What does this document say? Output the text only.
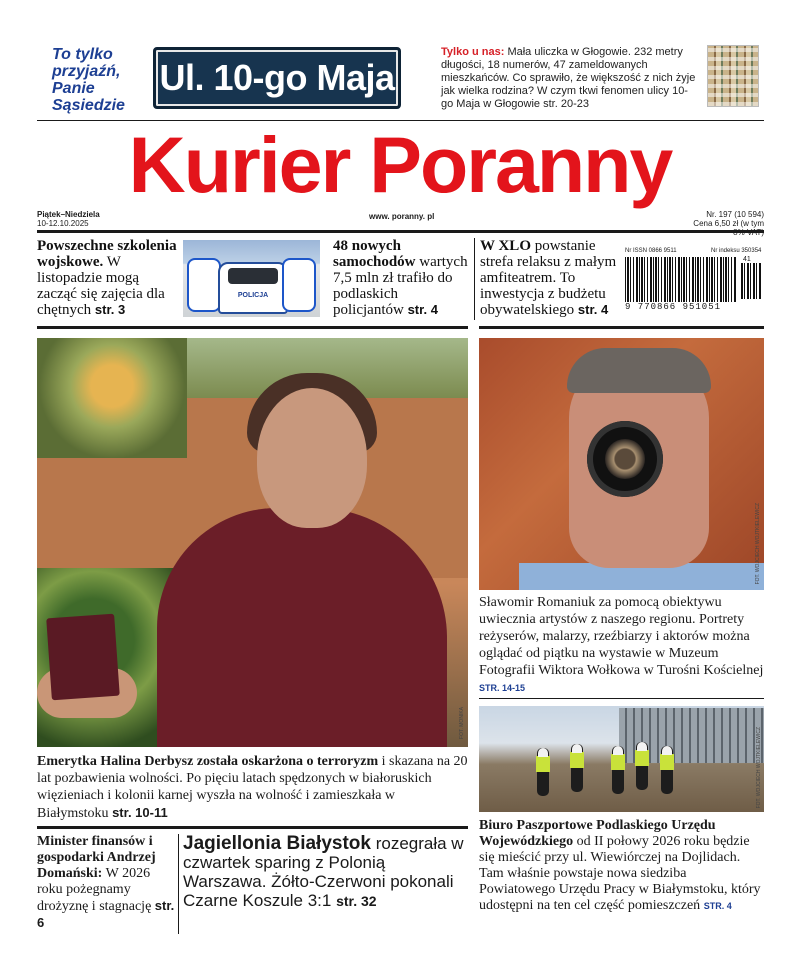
To tylko
przyjaźń,
Panie
Sąsiedzie
Ul. 10-go Maja
Tylko u nas: Mała uliczka w Głogowie. 232 metry długości, 18 numerów, 47 zameldowanych mieszkańców. Co sprawiło, że większość z nich żyje jak wielka rodzina? W czym tkwi fenomen ulicy 10-go Maja w Głogowie str. 20-23
Kurier Poranny
Piątek–Niedziela
10-12.10.2025
www. poranny. pl	Nr. 197 (10 594)
Cena 6,50 zł (w tym
Powszechne szkolenia wojskowe. W listopadzie mogą zacząć się zajęcia dla chętnych str. 3
POLICJA
48 nowych samochodów wartych 7,5 mln zł trafiło do podlaskich policjantów str. 4
W XLO powstanie strefa relaksu z małym amfiteatrem. To inwestycja z budżetu obywatelskiego str. 4
Nr ISSN 0866 9511	Nr indeksu 350354
9 770866 951051
41
FOT. MONIKA
FOT. WOJCIECH WOJTKIELEWICZ
Sławomir Romaniuk za pomocą obiektywu uwiecznia artystów z naszego regionu. Portrety reżyserów, malarzy, rzeźbiarzy i aktorów można oglądać od piątku na wystawie w Muzeum Fotografii Wiktora Wołkowa w Turośni Kościelnej STR. 14-15
FOT. WOJCIECH WOJTKIELEWICZ
Emerytka Halina Derbysz została oskarżona o terroryzm i skazana na 20 lat pozbawienia wolności. Po pięciu latach spędzonych w białoruskich więzieniach i kolonii karnej wyszła na wolność i zamieszkała w Białymstoku str. 10-11
Biuro Paszportowe Podlaskiego Urzędu Wojewódzkiego od II połowy 2026 roku będzie się mieścić przy ul. Wiewiórczej na Dojlidach. Tam właśnie powstaje nowa siedziba Powiatowego Urzędu Pracy w Białymstoku, który udostępni na ten cel część pomieszczeń STR. 4
Minister finansów i gospodarki Andrzej Domański: W 2026 roku pożegnamy drożyznę i stagnację str. 6
Jagiellonia Białystok rozegrała w czwartek sparing z Polonią Warszawa. Żółto-Czerwoni pokonali Czarne Koszule 3:1 str. 32
